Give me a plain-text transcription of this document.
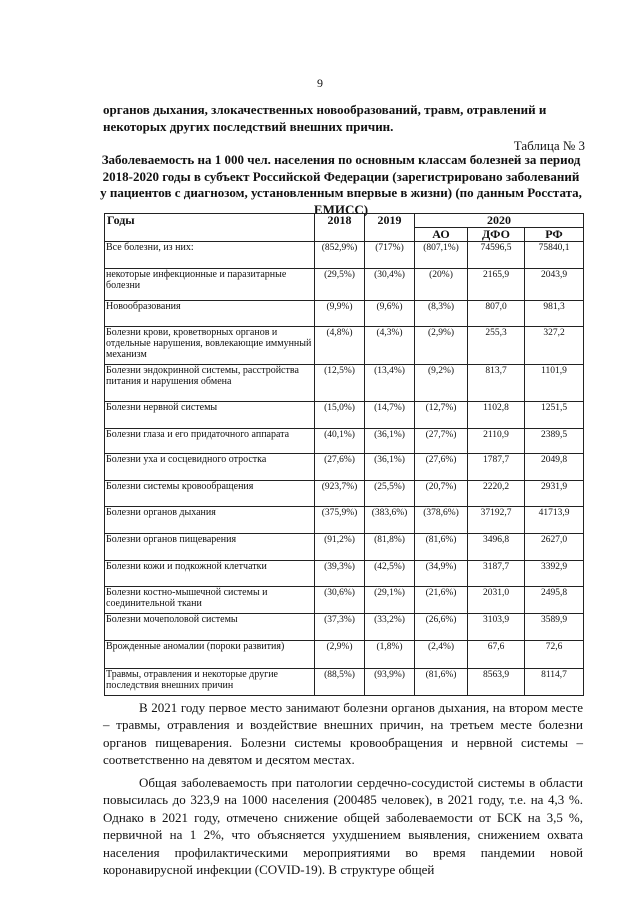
9
органов дыхания, злокачественных новообразований, травм, отравлений и некоторых других последствий внешних причин.
Таблица № 3
Заболеваемость на 1 000 чел. населения по основным классам болезней за период 2018-2020 годы в субъект Российской Федерации (зарегистрировано заболеваний у пациентов с диагнозом, установленным впервые в жизни) (по данным Росстата, ЕМИСС)
Годы	2018	2019	2020		
			АО	ДФО	РФ
Все болезни, из них:	(852,9%)	(717%)	(807,1%)	74596,5	75840,1
некоторые инфекционные и паразитарные болезни	(29,5%)	(30,4%)	(20%)	2165,9	2043,9
Новообразования	(9,9%)	(9,6%)	(8,3%)	807,0	981,3
Болезни крови, кроветворных органов и отдельные нарушения, вовлекающие иммунный механизм	(4,8%)	(4,3%)	(2,9%)	255,3	327,2
Болезни эндокринной системы, расстройства питания и нарушения обмена	(12,5%)	(13,4%)	(9,2%)	813,7	1101,9
Болезни нервной системы	(15,0%)	(14,7%)	(12,7%)	1102,8	1251,5
Болезни глаза и его придаточного аппарата	(40,1%)	(36,1%)	(27,7%)	2110,9	2389,5
Болезни уха и сосцевидного отростка	(27,6%)	(36,1%)	(27,6%)	1787,7	2049,8
Болезни системы кровообращения	(923,7%)	(25,5%)	(20,7%)	2220,2	2931,9
Болезни органов дыхания	(375,9%)	(383,6%)	(378,6%)	37192,7	41713,9
Болезни органов пищеварения	(91,2%)	(81,8%)	(81,6%)	3496,8	2627,0
Болезни кожи и подкожной клетчатки	(39,3%)	(42,5%)	(34,9%)	3187,7	3392,9
Болезни костно-мышечной системы и соединительной ткани	(30,6%)	(29,1%)	(21,6%)	2031,0	2495,8
Болезни мочеполовой системы	(37,3%)	(33,2%)	(26,6%)	3103,9	3589,9
Врожденные аномалии (пороки развития)	(2,9%)	(1,8%)	(2,4%)	67,6	72,6
Травмы, отравления и некоторые другие последствия внешних причин	(88,5%)	(93,9%)	(81,6%)	8563,9	8114,7

В 2021 году первое место занимают болезни органов дыхания, на втором месте – травмы, отравления и воздействие внешних причин, на третьем месте болезни органов пищеварения. Болезни системы кровообращения и нервной системы – соответственно на девятом и десятом местах.

Общая заболеваемость при патологии сердечно-сосудистой системы в области повысилась до 323,9 на 1000 населения (200485 человек), в 2021 году, т.е. на 4,3 %. Однако в 2021 году, отмечено снижение общей заболеваемости от БСК на 3,5 %, первичной на 1 2%, что объясняется ухудшением выявления, снижением охвата населения профилактическими мероприятиями во время пандемии новой коронавирусной инфекции (COVID-19). В структуре общей
